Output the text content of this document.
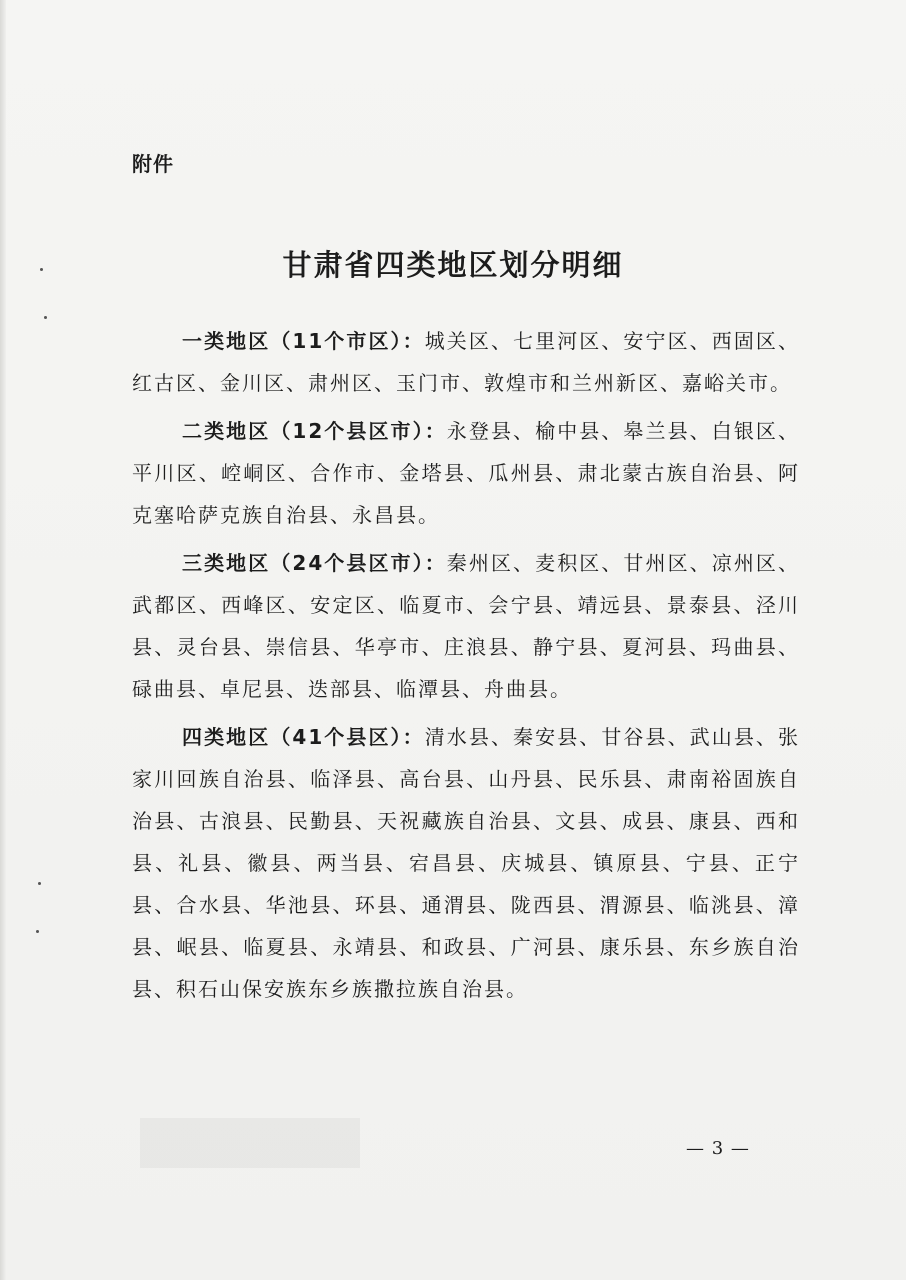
附件
甘肃省四类地区划分明细

一类地区（11个市区）：城关区、七里河区、安宁区、西固区、红古区、金川区、肃州区、玉门市、敦煌市和兰州新区、嘉峪关市。

二类地区（12个县区市）：永登县、榆中县、皋兰县、白银区、平川区、崆峒区、合作市、金塔县、瓜州县、肃北蒙古族自治县、阿克塞哈萨克族自治县、永昌县。

三类地区（24个县区市）：秦州区、麦积区、甘州区、凉州区、武都区、西峰区、安定区、临夏市、会宁县、靖远县、景泰县、泾川县、灵台县、崇信县、华亭市、庄浪县、静宁县、夏河县、玛曲县、碌曲县、卓尼县、迭部县、临潭县、舟曲县。

四类地区（41个县区）：清水县、秦安县、甘谷县、武山县、张家川回族自治县、临泽县、高台县、山丹县、民乐县、肃南裕固族自治县、古浪县、民勤县、天祝藏族自治县、文县、成县、康县、西和县、礼县、徽县、两当县、宕昌县、庆城县、镇原县、宁县、正宁县、合水县、华池县、环县、通渭县、陇西县、渭源县、临洮县、漳县、岷县、临夏县、永靖县、和政县、广河县、康乐县、东乡族自治县、积石山保安族东乡族撒拉族自治县。

— 3 —
